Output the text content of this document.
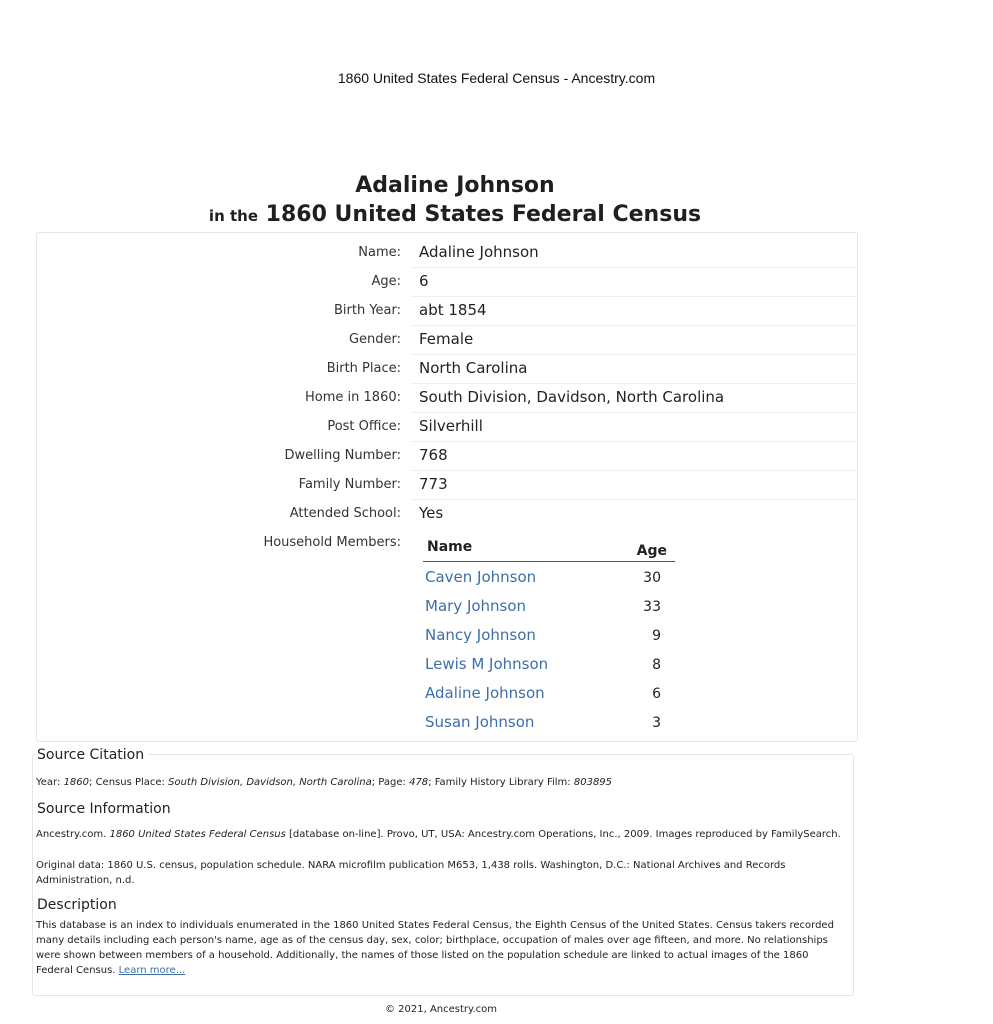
1860 United States Federal Census - Ancestry.com
Adaline Johnson
in the 1860 United States Federal Census
Name: Adaline Johnson
Age: 6
Birth Year: abt 1854
Gender: Female
Birth Place: North Carolina
Home in 1860: South Division, Davidson, North Carolina
Post Office: Silverhill
Dwelling Number: 768
Family Number: 773
Attended School: Yes
Household Members: Name	Age
Caven Johnson	30
Mary Johnson	33
Nancy Johnson	9
Lewis M Johnson	8
Adaline Johnson	6
Susan Johnson	3
Source Citation
Year: 1860; Census Place: South Division, Davidson, North Carolina; Page: 478; Family History Library Film: 803895
Source Information
Ancestry.com. 1860 United States Federal Census [database on-line]. Provo, UT, USA: Ancestry.com Operations, Inc., 2009. Images reproduced by FamilySearch.
Original data: 1860 U.S. census, population schedule. NARA microfilm publication M653, 1,438 rolls. Washington, D.C.: National Archives and Records Administration, n.d.
Description
This database is an index to individuals enumerated in the 1860 United States Federal Census, the Eighth Census of the United States. Census takers recorded many details including each person's name, age as of the census day, sex, color; birthplace, occupation of males over age fifteen, and more. No relationships were shown between members of a household. Additionally, the names of those listed on the population schedule are linked to actual images of the 1860 Federal Census. Learn more...
© 2021, Ancestry.com
